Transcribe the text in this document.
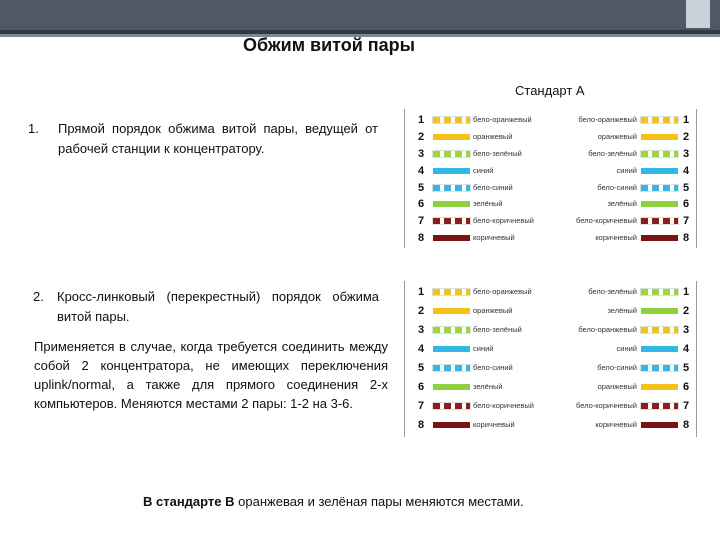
Обжим витой пары
Стандарт А
1. Прямой порядок обжима витой пары, ведущей от рабочей станции к концентратору.
1	бело-оранжевый	бело-оранжевый	1
2	оранжевый	оранжевый	2
3	бело-зелёный	бело-зелёный	3
4	синий	синий	4
5	бело-синий	бело-синий	5
6	зелёный	зелёный	6
7	бело-коричневый	бело-коричневый	7
8	коричневый	коричневый	8
2. Кросс-линковый (перекрестный) порядок обжима витой пары.
Применяется в случае, когда требуется соединить между собой 2 концентратора, не имеющих переключения uplink/normal, а также для прямого соединения 2-х компьютеров. Меняются местами 2 пары: 1-2 на 3-6.
1	бело-оранжевый	бело-зелёный	1
2	оранжевый	зелёный	2
3	бело-зелёный	бело-оранжевый	3
4	синий	синий	4
5	бело-синий	бело-синий	5
6	зелёный	оранжевый	6
7	бело-коричневый	бело-коричневый	7
8	коричневый	коричневый	8
В стандарте B оранжевая и зелёная пары меняются местами.
